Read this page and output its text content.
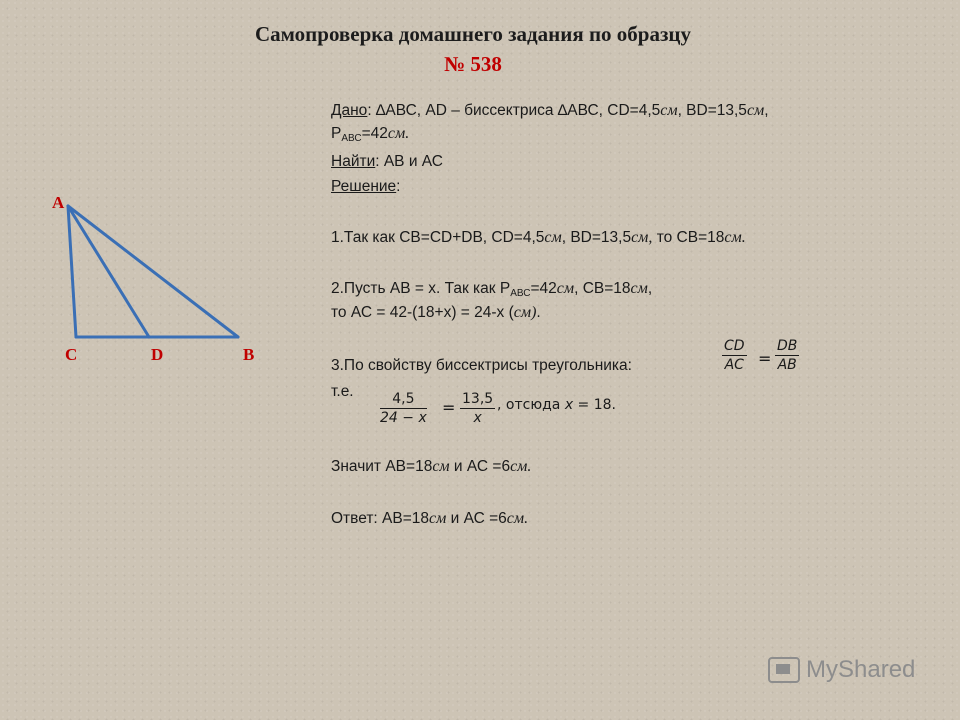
Самопроверка домашнего задания по образцу
№ 538
Дано: ∆АВС, АD – биссектриса ∆АВС, СD=4,5см, ВD=13,5см,
$Р_{АВС}=42см$.
Найти: АВ и АС
Решение:
1.Так как СВ=СD+DВ, СD=4,5см, ВD=13,5см, то СВ=18см.
2.Пусть АВ = х. Так как $Р_{АВС}=42см$, СВ=18см,
то АС = 42-(18+х) = 24-х (см).
3.По свойству биссектрисы треугольника:	$\frac{CD}{AC} = \frac{DB}{AB}$
т.е. $\frac{4,5}{24 - x} = \frac{13,5}{x}$ , отсюда x = 18.
Значит АВ=18см и АС =6см.
Ответ: АВ=18см и АС =6см.
А
С	D	В
MyShared
